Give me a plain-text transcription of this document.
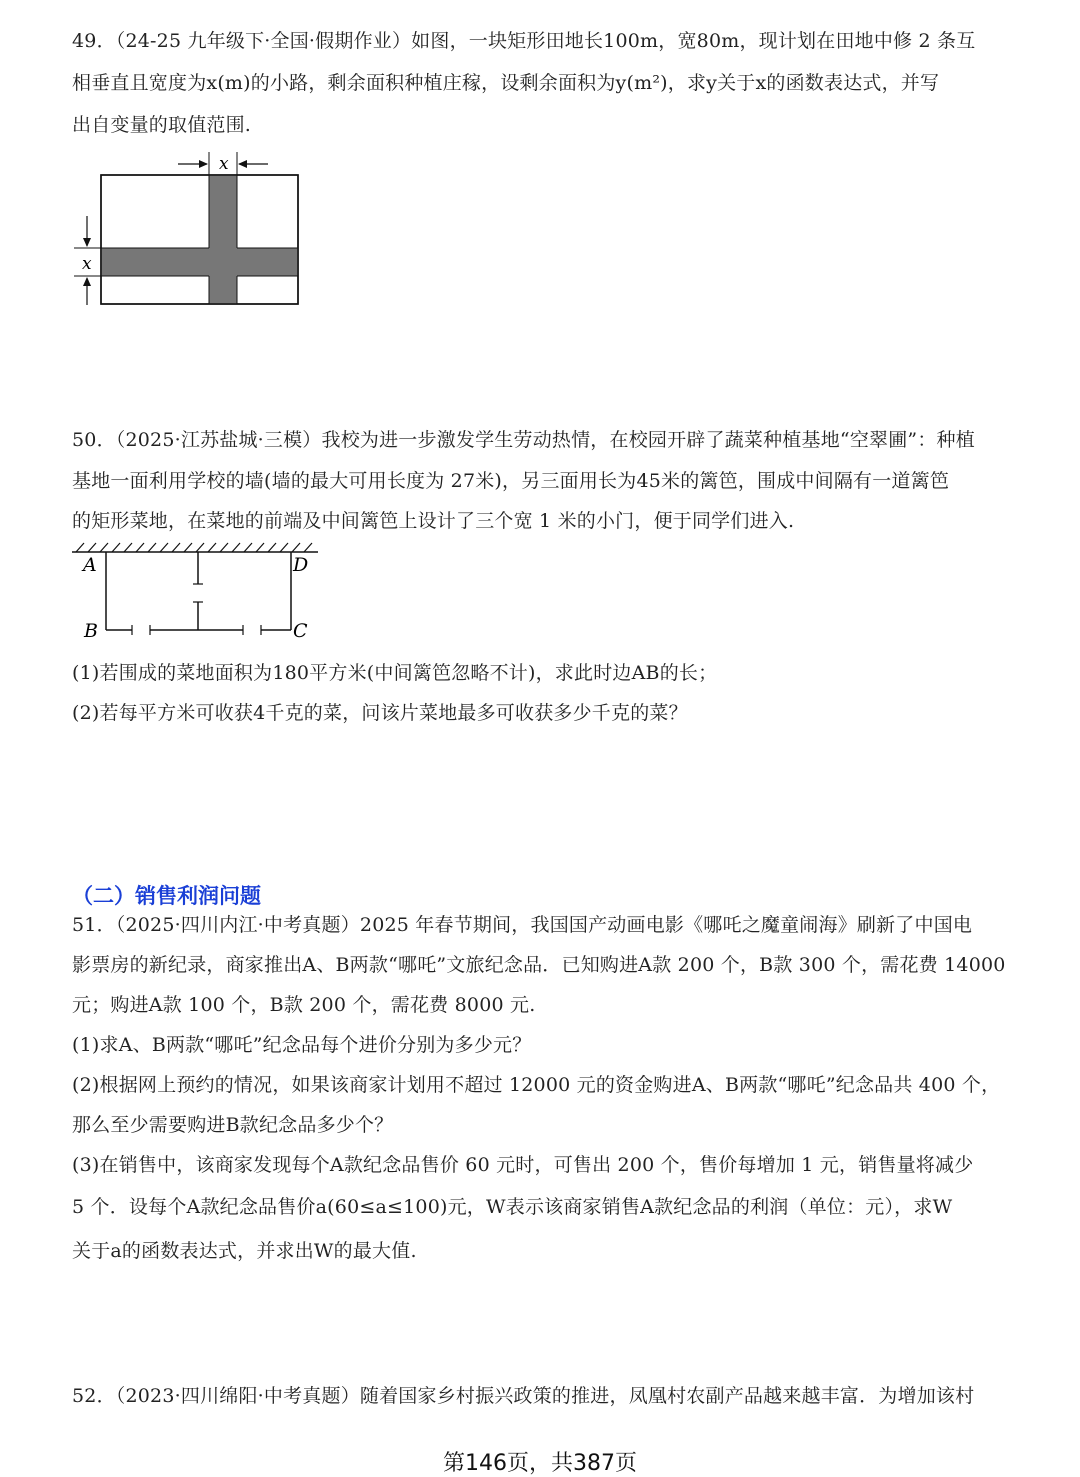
49．（24-25 九年级下·全国·假期作业）如图，一块矩形田地长100m，宽80m，现计划在田地中修 2 条互
相垂直且宽度为x(m)的小路，剩余面积种植庄稼，设剩余面积为y(m²)，求y关于x的函数表达式，并写
出自变量的取值范围.
x
x
50．（2025·江苏盐城·三模）我校为进一步激发学生劳动热情，在校园开辟了蔬菜种植基地“空翠圃”：种植
基地一面利用学校的墙(墙的最大可用长度为 27米)，另三面用长为45米的篱笆，围成中间隔有一道篱笆
的矩形菜地，在菜地的前端及中间篱笆上设计了三个宽 1 米的小门，便于同学们进入.
A	D
B	C
(1)若围成的菜地面积为180平方米(中间篱笆忽略不计)，求此时边AB的长；
(2)若每平方米可收获4千克的菜，问该片菜地最多可收获多少千克的菜？
（二）销售利润问题
51．（2025·四川内江·中考真题）2025 年春节期间，我国国产动画电影《哪吒之魔童闹海》刷新了中国电
影票房的新纪录，商家推出A、B两款“哪吒”文旅纪念品．已知购进A款 200 个，B款 300 个，需花费 14000
元；购进A款 100 个，B款 200 个，需花费 8000 元.
(1)求A、B两款“哪吒”纪念品每个进价分别为多少元？
(2)根据网上预约的情况，如果该商家计划用不超过 12000 元的资金购进A、B两款“哪吒”纪念品共 400 个，
那么至少需要购进B款纪念品多少个？
(3)在销售中，该商家发现每个A款纪念品售价 60 元时，可售出 200 个，售价每增加 1 元，销售量将减少
5 个．设每个A款纪念品售价a(60≤a≤100)元，W表示该商家销售A款纪念品的利润（单位：元），求W
关于a的函数表达式，并求出W的最大值.
52．（2023·四川绵阳·中考真题）随着国家乡村振兴政策的推进，凤凰村农副产品越来越丰富．为增加该村
第146页，共387页
